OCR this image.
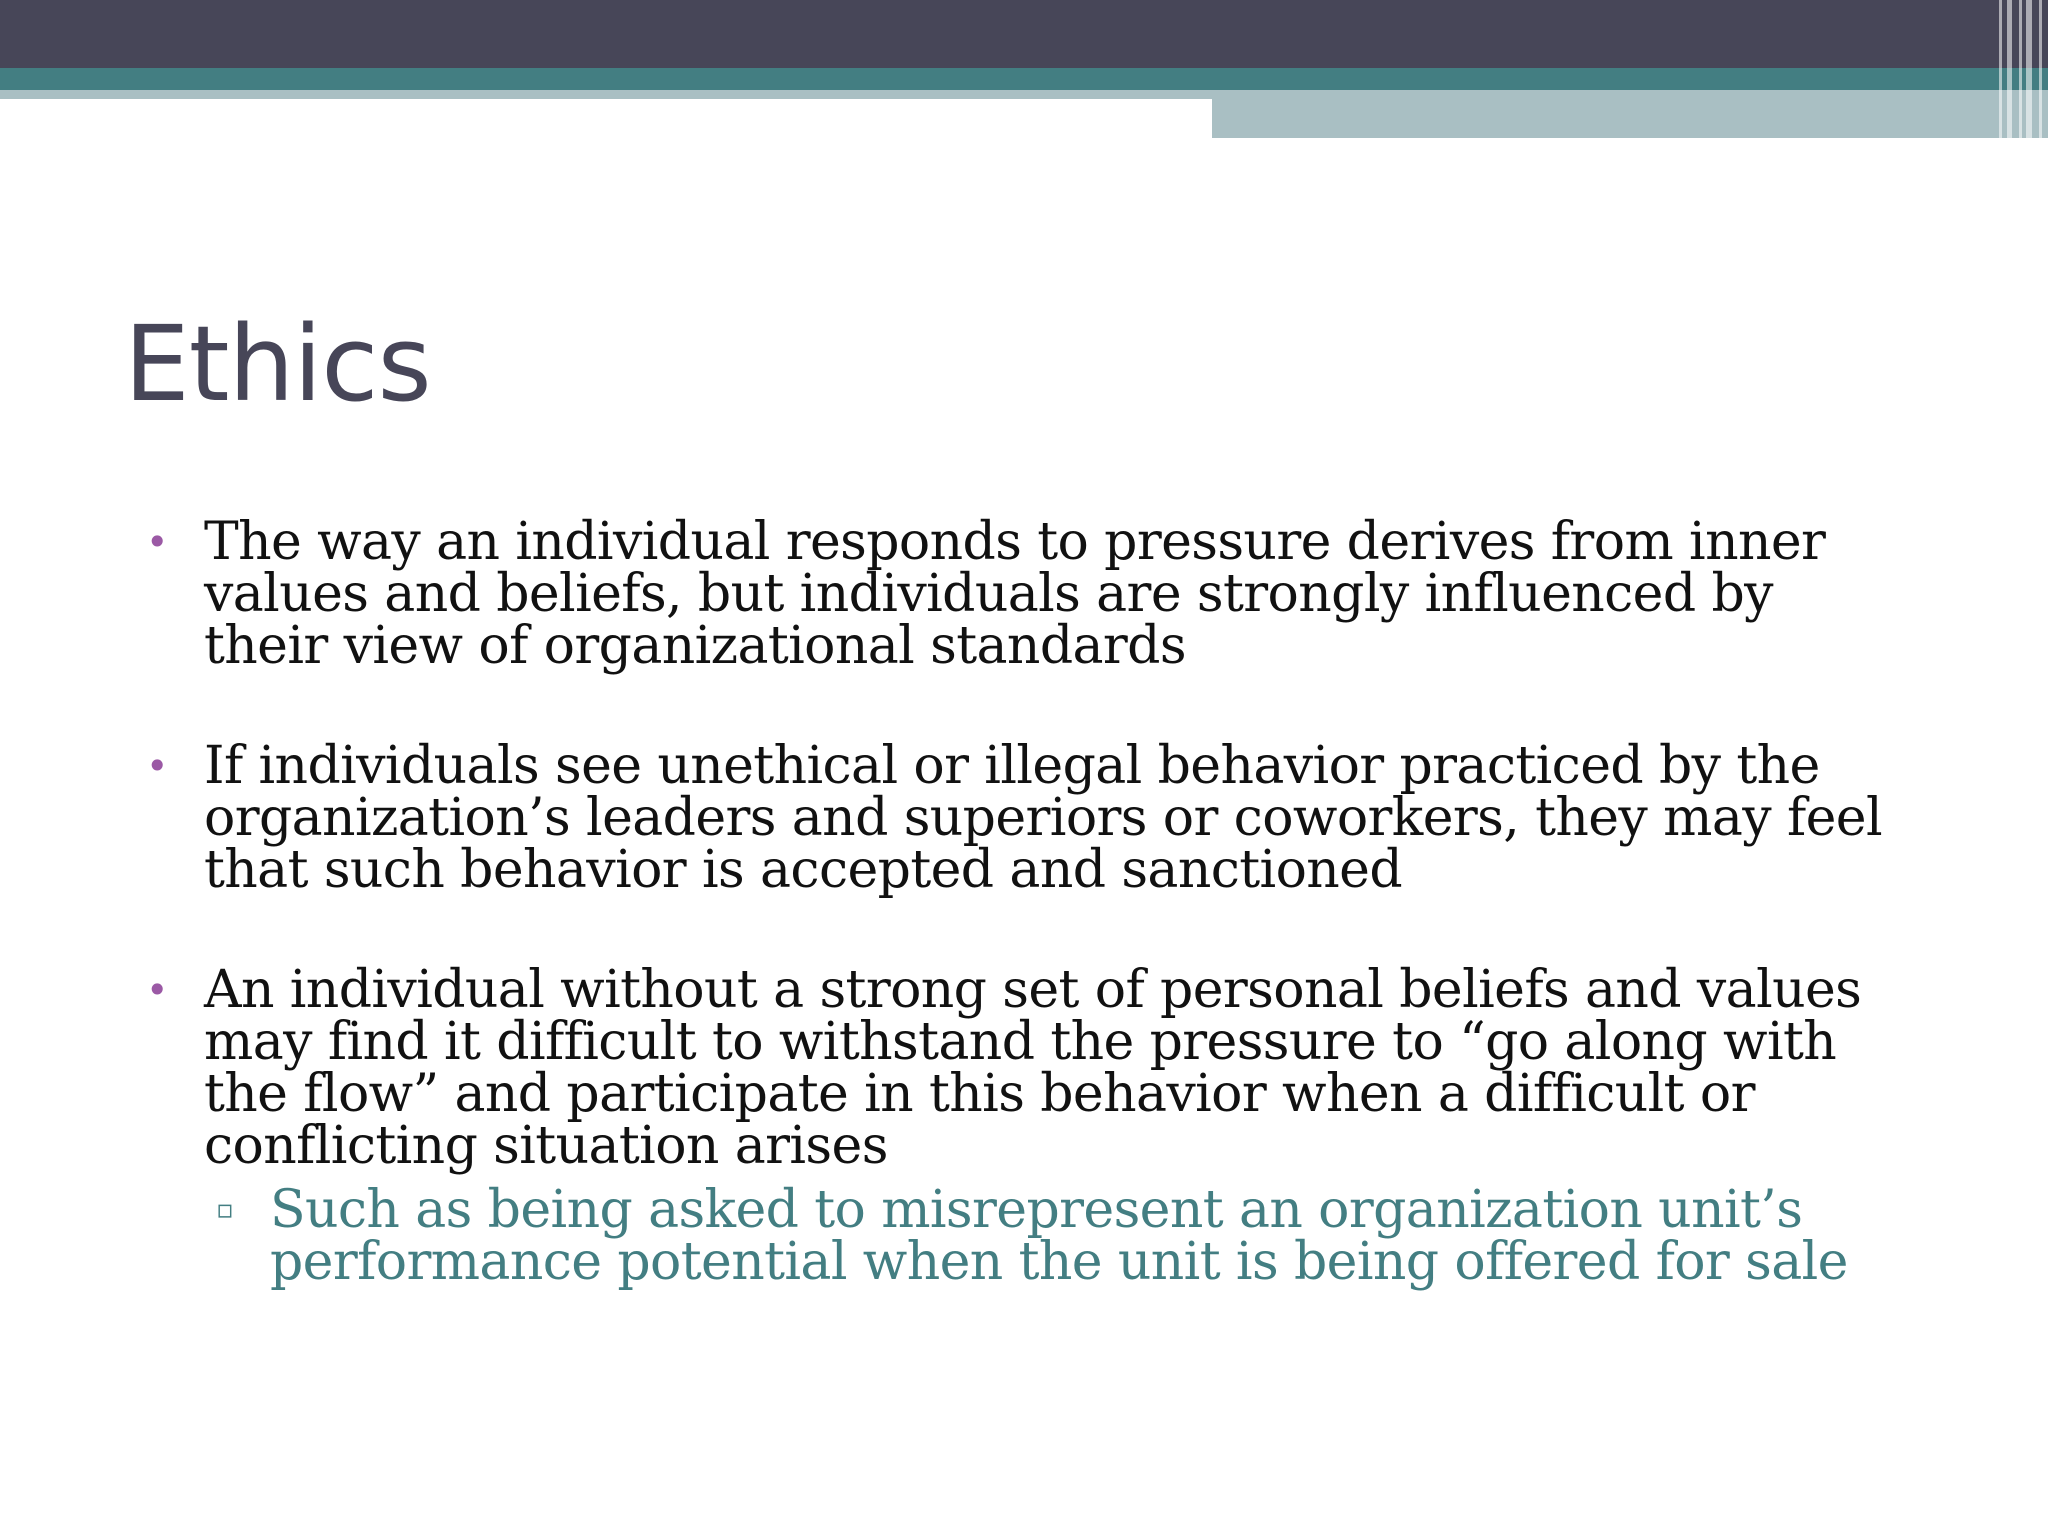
Ethics
• The way an individual responds to pressure derives from inner values and beliefs, but individuals are strongly influenced by their view of organizational standards
• If individuals see unethical or illegal behavior practiced by the organization’s leaders and superiors or coworkers, they may feel that such behavior is accepted and sanctioned
• An individual without a strong set of personal beliefs and values may find it difficult to withstand the pressure to “go along with the flow” and participate in this behavior when a difficult or conflicting situation arises
▫ Such as being asked to misrepresent an organization unit’s performance potential when the unit is being offered for sale
